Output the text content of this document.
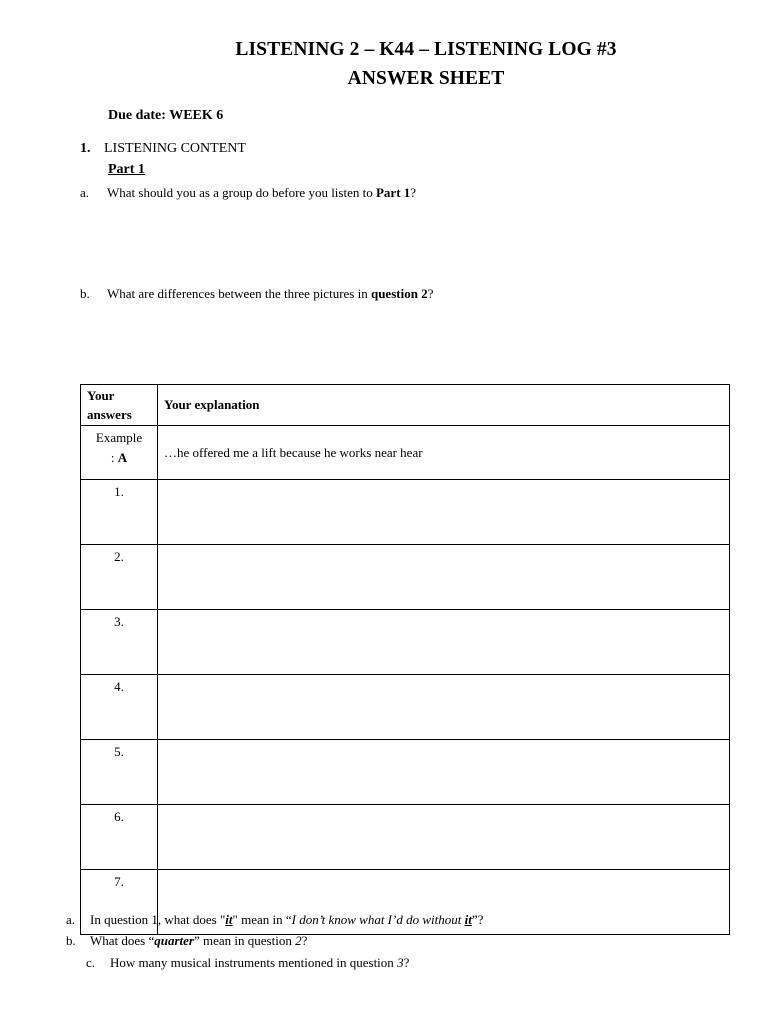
LISTENING 2 – K44 – LISTENING LOG #3
ANSWER SHEET
Due date: WEEK 6
1. LISTENING CONTENT
Part 1
a. What should you as a group do before you listen to Part 1?
b. What are differences between the three pictures in question 2?
Your
answers	Your explanation

Example
: A	…he offered me a lift because he works near hear
1.	
2.	
3.	
4.	
5.	
6.	
7.	
a. In question 1, what does "it" mean in “I don’t know what I’d do without it”?
b. What does “quarter” mean in question 2?
c. How many musical instruments mentioned in question 3?
